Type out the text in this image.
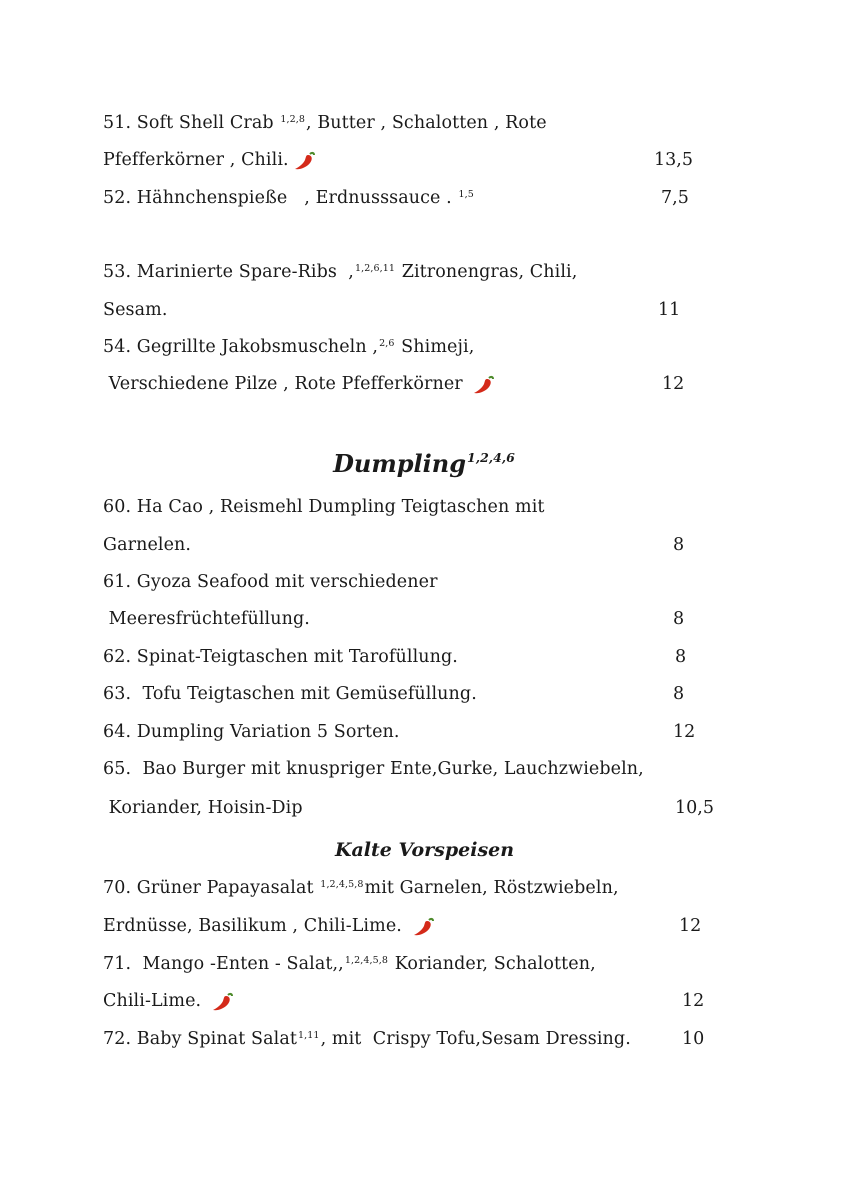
51. Soft Shell Crab $^{1,2,8}$, Butter , Schalotten , Rote
Pfefferkörner , Chili.	13,5
52. Hähnchenspieße   , Erdnusssauce . $^{1,5}$	7,5
53. Marinierte Spare-Ribs  ,$^{1,2,6,11}$ Zitronengras, Chili,
Sesam.	11
54. Gegrillte Jakobsmuscheln ,$^{2,6}$ Shimeji,
Verschiedene Pilze , Rote Pfefferkörner	12
Dumpling$^{1,2,4,6}$
60. Ha Cao , Reismehl Dumpling Teigtaschen mit
Garnelen.	8
61. Gyoza Seafood mit verschiedener
Meeresfrüchtefüllung.	8
62. Spinat-Teigtaschen mit Tarofüllung.	8
63.  Tofu Teigtaschen mit Gemüsefüllung.	8
64. Dumpling Variation 5 Sorten.	12
65.  Bao Burger mit knuspriger Ente,Gurke, Lauchzwiebeln,
Koriander, Hoisin-Dip	10,5
Kalte Vorspeisen
70. Grüner Papayasalat $^{1,2,4,5,8}$mit Garnelen, Röstzwiebeln,
Erdnüsse, Basilikum , Chili-Lime.	12
71.  Mango -Enten - Salat,,$^{1,2,4,5,8}$ Koriander, Schalotten,
Chili-Lime.	12
72. Baby Spinat Salat$^{1,11}$, mit  Crispy Tofu,Sesam Dressing.	10
